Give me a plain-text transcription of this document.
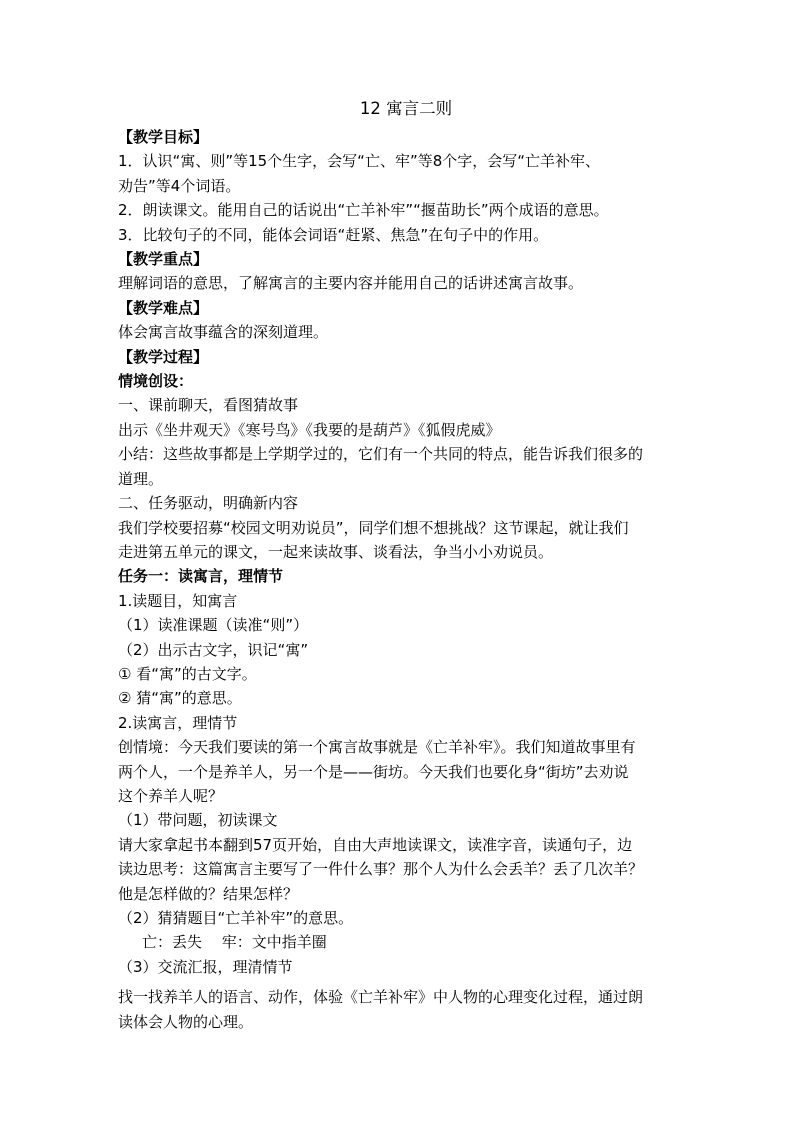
12 寓言二则
【教学目标】
1．认识“寓、则”等15个生字，会写“亡、牢”等8个字，会写“亡羊补牢、
劝告”等4个词语。
2．朗读课文。能用自己的话说出“亡羊补牢”“揠苗助长”两个成语的意思。
3．比较句子的不同，能体会词语“赶紧、焦急”在句子中的作用。
【教学重点】
理解词语的意思，了解寓言的主要内容并能用自己的话讲述寓言故事。
【教学难点】
体会寓言故事蕴含的深刻道理。
【教学过程】
情境创设：
一、课前聊天，看图猜故事
出示《坐井观天》《寒号鸟》《我要的是葫芦》《狐假虎威》
小结：这些故事都是上学期学过的，它们有一个共同的特点，能告诉我们很多的
道理。
二、任务驱动，明确新内容
我们学校要招募“校园文明劝说员”，同学们想不想挑战？这节课起，就让我们
走进第五单元的课文，一起来读故事、谈看法，争当小小劝说员。
任务一：读寓言，理情节
1.读题目，知寓言
（1）读准课题（读准“则”）
（2）出示古文字，识记“寓”
① 看“寓”的古文字。
② 猜“寓”的意思。
2.读寓言，理情节
创情境：今天我们要读的第一个寓言故事就是《亡羊补牢》。我们知道故事里有
两个人，一个是养羊人，另一个是——街坊。今天我们也要化身“街坊”去劝说
这个养羊人呢？
（1）带问题，初读课文
请大家拿起书本翻到57页开始，自由大声地读课文，读准字音，读通句子，边
读边思考：这篇寓言主要写了一件什么事？那个人为什么会丢羊？丢了几次羊？
他是怎样做的？结果怎样？
（2）猜猜题目“亡羊补牢”的意思。
亡：丢失　 牢：文中指羊圈
（3）交流汇报，理清情节
找一找养羊人的语言、动作，体验《亡羊补牢》中人物的心理变化过程，通过朗
读体会人物的心理。
